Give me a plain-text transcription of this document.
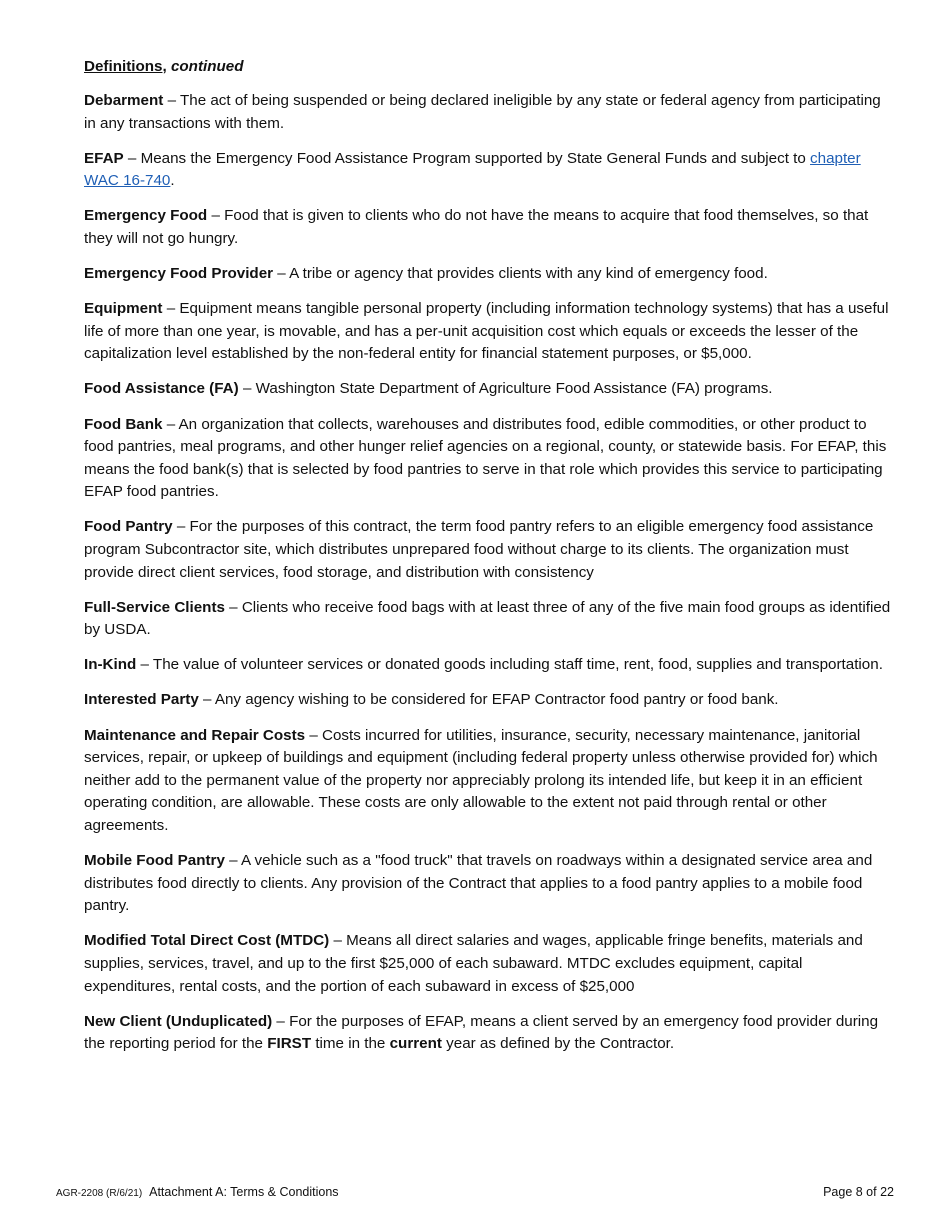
Definitions, continued

Debarment – The act of being suspended or being declared ineligible by any state or federal agency from participating in any transactions with them.

EFAP – Means the Emergency Food Assistance Program supported by State General Funds and subject to chapter WAC 16-740.

Emergency Food – Food that is given to clients who do not have the means to acquire that food themselves, so that they will not go hungry.

Emergency Food Provider – A tribe or agency that provides clients with any kind of emergency food.

Equipment – Equipment means tangible personal property (including information technology systems) that has a useful life of more than one year, is movable, and has a per-unit acquisition cost which equals or exceeds the lesser of the capitalization level established by the non-federal entity for financial statement purposes, or $5,000.

Food Assistance (FA) – Washington State Department of Agriculture Food Assistance (FA) programs.

Food Bank – An organization that collects, warehouses and distributes food, edible commodities, or other product to food pantries, meal programs, and other hunger relief agencies on a regional, county, or statewide basis. For EFAP, this means the food bank(s) that is selected by food pantries to serve in that role which provides this service to participating EFAP food pantries.

Food Pantry – For the purposes of this contract, the term food pantry refers to an eligible emergency food assistance program Subcontractor site, which distributes unprepared food without charge to its clients. The organization must provide direct client services, food storage, and distribution with consistency

Full-Service Clients – Clients who receive food bags with at least three of any of the five main food groups as identified by USDA.

In-Kind – The value of volunteer services or donated goods including staff time, rent, food, supplies and transportation.

Interested Party – Any agency wishing to be considered for EFAP Contractor food pantry or food bank.

Maintenance and Repair Costs – Costs incurred for utilities, insurance, security, necessary maintenance, janitorial services, repair, or upkeep of buildings and equipment (including federal property unless otherwise provided for) which neither add to the permanent value of the property nor appreciably prolong its intended life, but keep it in an efficient operating condition, are allowable. These costs are only allowable to the extent not paid through rental or other agreements.

Mobile Food Pantry – A vehicle such as a "food truck" that travels on roadways within a designated service area and distributes food directly to clients. Any provision of the Contract that applies to a food pantry applies to a mobile food pantry.

Modified Total Direct Cost (MTDC) – Means all direct salaries and wages, applicable fringe benefits, materials and supplies, services, travel, and up to the first $25,000 of each subaward. MTDC excludes equipment, capital expenditures, rental costs, and the portion of each subaward in excess of $25,000

New Client (Unduplicated) – For the purposes of EFAP, means a client served by an emergency food provider during the reporting period for the FIRST time in the current year as defined by the Contractor.

AGR-2208 (R/6/21) Attachment A: Terms & Conditions	Page 8 of 22
